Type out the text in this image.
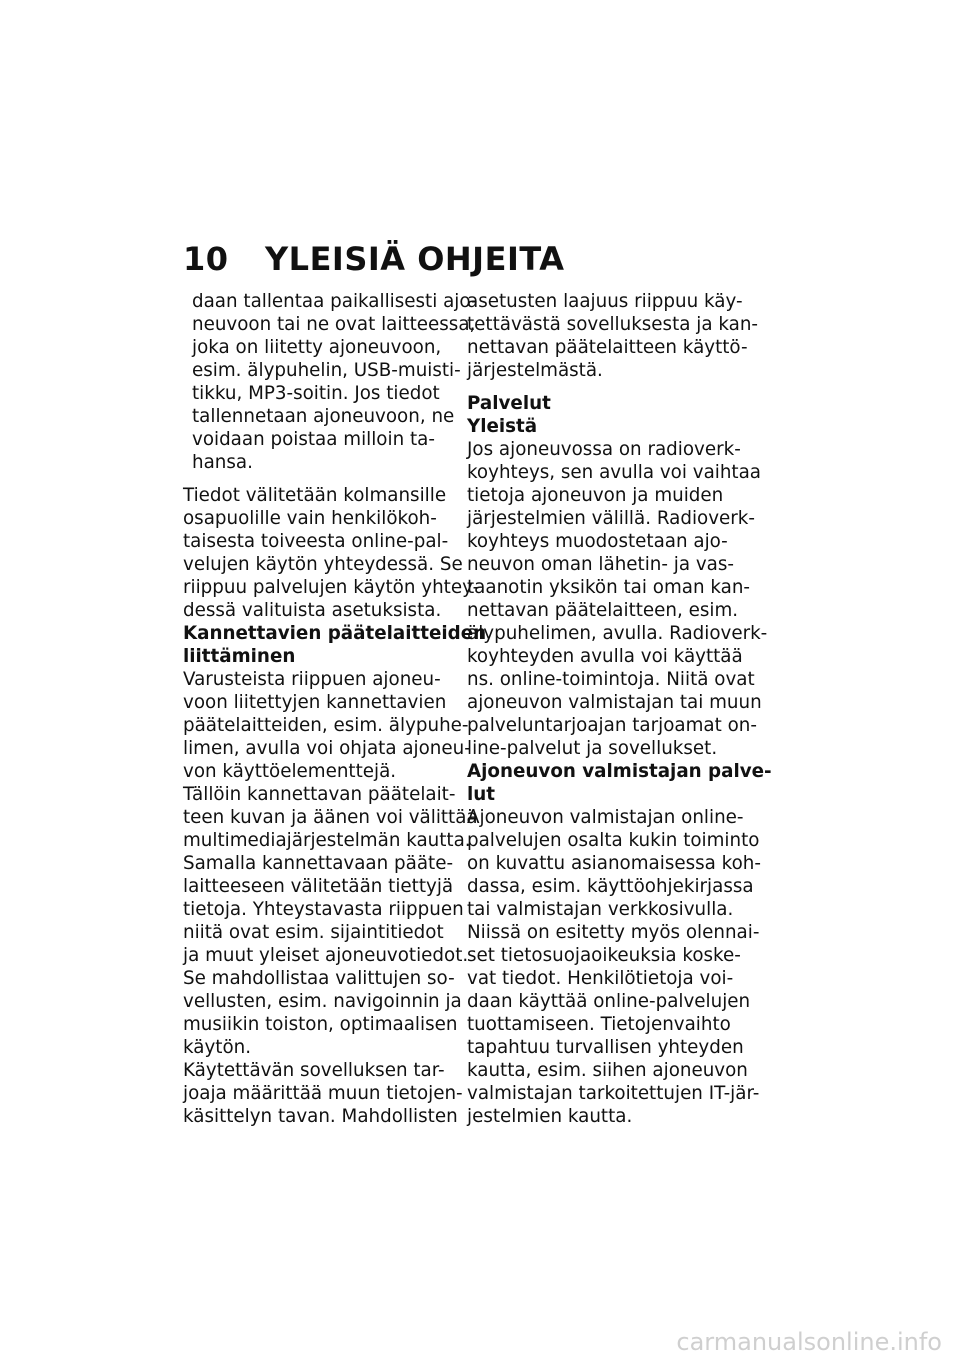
10 YLEISIÄ OHJEITA
daan tallentaa paikallisesti ajo-
neuvoon tai ne ovat laitteessa,
joka on liitetty ajoneuvoon,
esim. älypuhelin, USB-muisti-
tikku, MP3-soitin. Jos tiedot
tallennetaan ajoneuvoon, ne
voidaan poistaa milloin ta-
hansa.
Tiedot välitetään kolmansille
osapuolille vain henkilökoh-
taisesta toiveesta online-pal-
velujen käytön yhteydessä. Se
riippuu palvelujen käytön yhtey-
dessä valituista asetuksista.
Kannettavien päätelaitteiden
liittäminen
Varusteista riippuen ajoneu-
voon liitettyjen kannettavien
päätelaitteiden, esim. älypuhe-
limen, avulla voi ohjata ajoneu-
von käyttöelementtejä.
Tällöin kannettavan päätelait-
teen kuvan ja äänen voi välittää
multimediajärjestelmän kautta.
Samalla kannettavaan pääte-
laitteeseen välitetään tiettyjä
tietoja. Yhteystavasta riippuen
niitä ovat esim. sijaintitiedot
ja muut yleiset ajoneuvotiedot.
Se mahdollistaa valittujen so-
vellusten, esim. navigoinnin ja
musiikin toiston, optimaalisen
käytön.
Käytettävän sovelluksen tar-
joaja määrittää muun tietojen-
käsittelyn tavan. Mahdollisten
asetusten laajuus riippuu käy-
tettävästä sovelluksesta ja kan-
nettavan päätelaitteen käyttö-
järjestelmästä.
Palvelut
Yleistä
Jos ajoneuvossa on radioverk-
koyhteys, sen avulla voi vaihtaa
tietoja ajoneuvon ja muiden
järjestelmien välillä. Radioverk-
koyhteys muodostetaan ajo-
neuvon oman lähetin- ja vas-
taanotin yksikön tai oman kan-
nettavan päätelaitteen, esim.
älypuhelimen, avulla. Radioverk-
koyhteyden avulla voi käyttää
ns. online-toimintoja. Niitä ovat
ajoneuvon valmistajan tai muun
palveluntarjoajan tarjoamat on-
line-palvelut ja sovellukset.
Ajoneuvon valmistajan palve-
lut
Ajoneuvon valmistajan online-
palvelujen osalta kukin toiminto
on kuvattu asianomaisessa koh-
dassa, esim. käyttöohjekirjassa
tai valmistajan verkkosivulla.
Niissä on esitetty myös olennai-
set tietosuojaoikeuksia koske-
vat tiedot. Henkilötietoja voi-
daan käyttää online-palvelujen
tuottamiseen. Tietojenvaihto
tapahtuu turvallisen yhteyden
kautta, esim. siihen ajoneuvon
valmistajan tarkoitettujen IT-jär-
jestelmien kautta.
carmanualsonline.info
